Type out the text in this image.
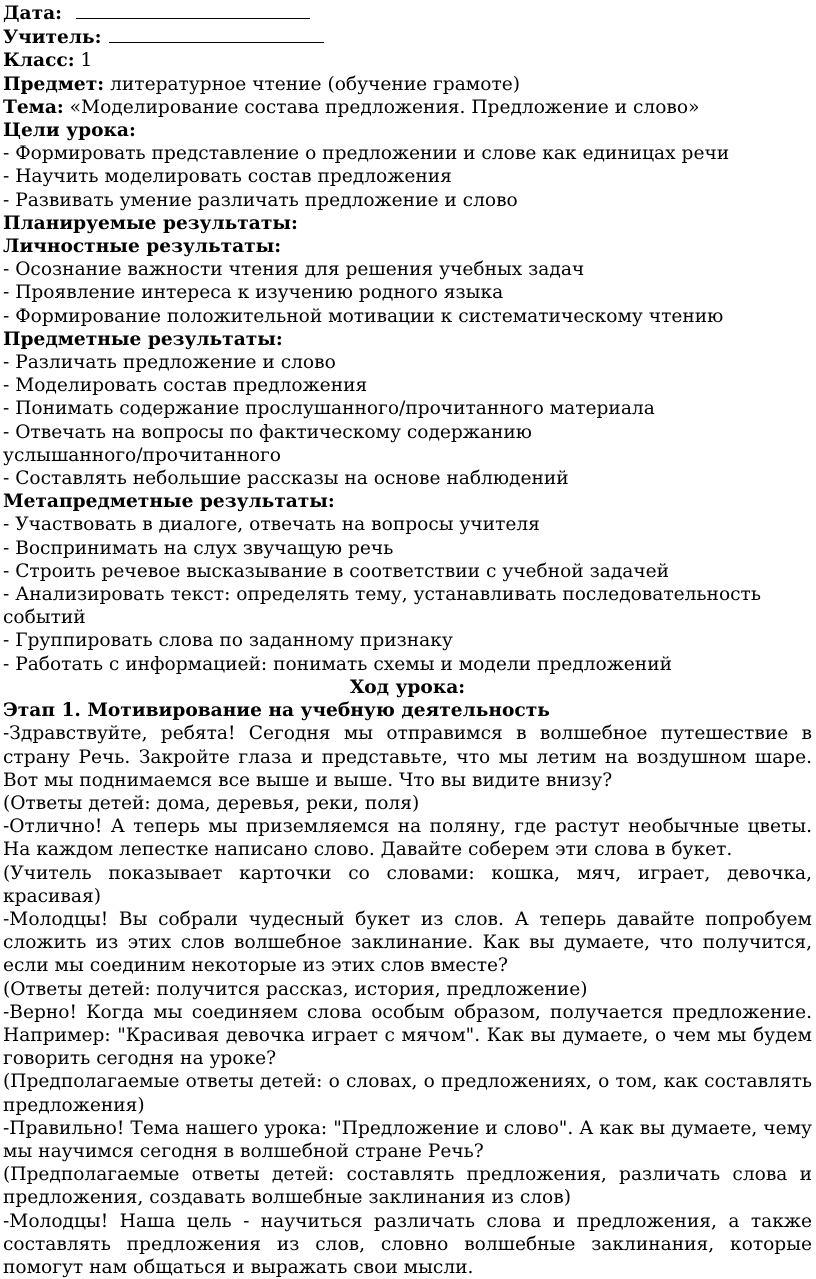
Дата:
Учитель:
Класс: 1
Предмет: литературное чтение (обучение грамоте)
Тема: «Моделирование состава предложения. Предложение и слово»
Цели урока:
- Формировать представление о предложении и слове как единицах речи
- Научить моделировать состав предложения
- Развивать умение различать предложение и слово
Планируемые результаты:
Личностные результаты:
- Осознание важности чтения для решения учебных задач
- Проявление интереса к изучению родного языка
- Формирование положительной мотивации к систематическому чтению
Предметные результаты:
- Различать предложение и слово
- Моделировать состав предложения
- Понимать содержание прослушанного/прочитанного материала
- Отвечать на вопросы по фактическому содержанию
услышанного/прочитанного
- Составлять небольшие рассказы на основе наблюдений
Метапредметные результаты:
- Участвовать в диалоге, отвечать на вопросы учителя
- Воспринимать на слух звучащую речь
- Строить речевое высказывание в соответствии с учебной задачей
- Анализировать текст: определять тему, устанавливать последовательность
событий
- Группировать слова по заданному признаку
- Работать с информацией: понимать схемы и модели предложений
Ход урока:
Этап 1. Мотивирование на учебную деятельность
-Здравствуйте, ребята! Сегодня мы отправимся в волшебное путешествие в страну Речь. Закройте глаза и представьте, что мы летим на воздушном шаре. Вот мы поднимаемся все выше и выше. Что вы видите внизу?
(Ответы детей: дома, деревья, реки, поля)
-Отлично! А теперь мы приземляемся на поляну, где растут необычные цветы. На каждом лепестке написано слово. Давайте соберем эти слова в букет.
(Учитель показывает карточки со словами: кошка, мяч, играет, девочка, красивая)
-Молодцы! Вы собрали чудесный букет из слов. А теперь давайте попробуем сложить из этих слов волшебное заклинание. Как вы думаете, что получится, если мы соединим некоторые из этих слов вместе?
(Ответы детей: получится рассказ, история, предложение)
-Верно! Когда мы соединяем слова особым образом, получается предложение. Например: "Красивая девочка играет с мячом". Как вы думаете, о чем мы будем говорить сегодня на уроке?
(Предполагаемые ответы детей: о словах, о предложениях, о том, как составлять предложения)
-Правильно! Тема нашего урока: "Предложение и слово". А как вы думаете, чему мы научимся сегодня в волшебной стране Речь?
(Предполагаемые ответы детей: составлять предложения, различать слова и предложения, создавать волшебные заклинания из слов)
-Молодцы! Наша цель - научиться различать слова и предложения, а также составлять предложения из слов, словно волшебные заклинания, которые помогут нам общаться и выражать свои мысли.
